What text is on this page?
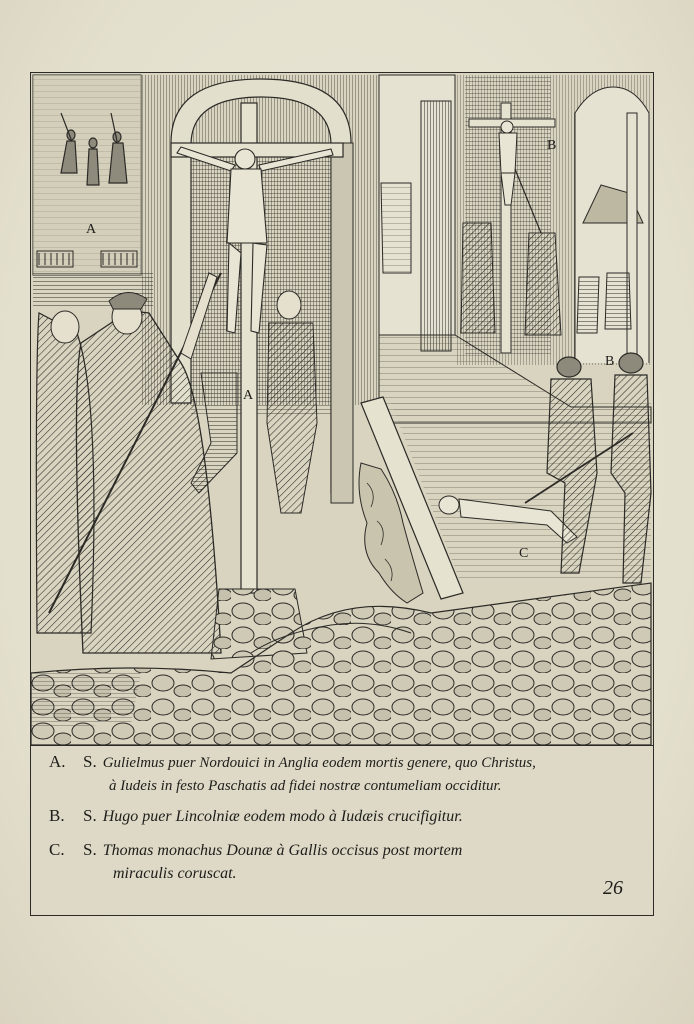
A
A
B
B
C
A. S. Gulielmus puer Nordouici in Anglia eodem mortis genere, quo Christus,
à Iudeis in festo Paschatis ad fidei nostræ contumeliam occiditur.
B. S. Hugo puer Lincolniæ eodem modo à Iudæis crucifigitur.
C. S. Thomas monachus Dounæ à Gallis occisus post mortem
miraculis coruscat.
26
